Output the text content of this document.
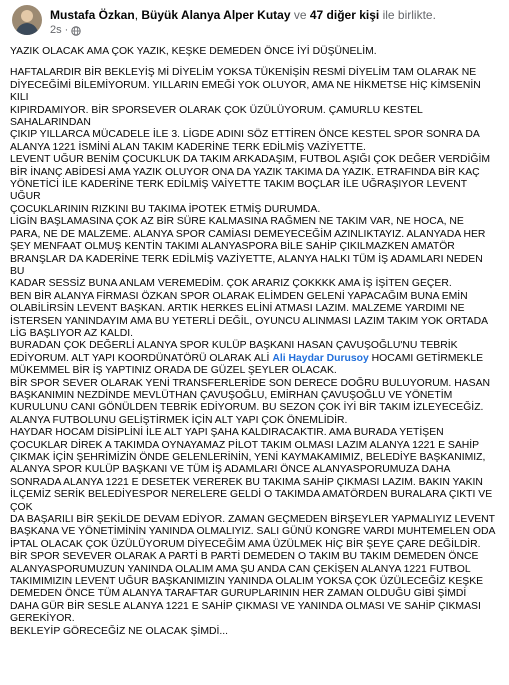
Mustafa Özkan, Büyük Alanya Alper Kutay ve 47 diğer kişi ile birlikte.
2s ·

YAZIK OLACAK AMA ÇOK YAZIK, KEŞKE DEMEDEN ÖNCE İYİ DÜŞÜNELİM.

HAFTALARDIR BİR BEKLEYİŞ Mİ DİYELİM YOKSA TÜKENİŞİN RESMİ DİYELİM TAM OLARAK NE
DİYECEĞİMİ BİLEMİYORUM. YILLARIN EMEĞİ YOK OLUYOR, AMA NE HİKMETSE HİÇ KİMSENİN KILI
KIPIRDAMIYOR. BİR SPORSEVER OLARAK ÇOK ÜZÜLÜYORUM. ÇAMURLU KESTEL SAHALARINDAN
ÇIKIP YILLARCA MÜCADELE İLE 3. LİGDE ADINI SÖZ ETTİREN ÖNCE KESTEL SPOR SONRA DA
ALANYA 1221 İSMİNİ ALAN TAKIM KADERİNE TERK EDİLMİŞ VAZİYETTE.
LEVENT UĞUR BENİM ÇOCUKLUK DA TAKIM ARKADAŞIM, FUTBOL AŞIĞI ÇOK DEĞER VERDİĞİM
BİR İNANÇ ABİDESİ AMA YAZIK OLUYOR ONA DA YAZIK TAKIMA DA YAZIK. ETRAFINDA BİR KAÇ
YÖNETİCİ İLE KADERİNE TERK EDİLMİŞ VAİYETTE TAKIM BOÇLAR İLE UĞRAŞIYOR LEVENT UĞUR
ÇOCUKLARININ RIZKINI BU TAKIMA İPOTEK ETMİŞ DURUMDA.
LİGİN BAŞLAMASINA ÇOK AZ BİR SÜRE KALMASINA RAĞMEN NE TAKIM VAR, NE HOCA, NE
PARA, NE DE MALZEME. ALANYA SPOR CAMİASI DEMEYECEĞİM AZINLIKTAYIZ. ALANYADA HER
ŞEY MENFAAT OLMUŞ KENTİN TAKIMI ALANYASPORA BİLE SAHİP ÇIKILMAZKEN AMATÖR
BRANŞLAR DA KADERİNE TERK EDİLMİŞ VAZİYETTE, ALANYA HALKI TÜM İŞ ADAMLARI NEDEN BU
KADAR SESSİZ BUNA ANLAM VEREMEDİM. ÇOK ARARIZ ÇOKKKK AMA İŞ İŞİTEN GEÇER.
BEN BİR ALANYA FİRMASI ÖZKAN SPOR OLARAK ELİMDEN GELENİ YAPACAĞIM BUNA EMİN
OLABİLİRSİN LEVENT BAŞKAN. ARTIK HERKES ELİNİ ATMASI LAZIM. MALZEME YARDIMI NE
İSTERSEN YANINDAYIM AMA BU YETERLİ DEĞİL, OYUNCU ALINMASI LAZIM TAKIM YOK ORTADA
LİG BAŞLIYOR AZ KALDI.
BURADAN ÇOK DEĞERLİ ALANYA SPOR KULÜP BAŞKANI HASAN ÇAVUŞOĞLU'NU TEBRİK
EDİYORUM. ALT YAPI KOORDÜNATÖRÜ OLARAK ALİ Ali Haydar Durusoy HOCAMI GETİRMEKLE
MÜKEMMEL BİR İŞ YAPTINIZ ORADA DE GÜZEL ŞEYLER OLACAK.
BİR SPOR SEVER OLARAK YENİ TRANSFERLERİDE SON DERECE DOĞRU BULUYORUM. HASAN
BAŞKANIMIN NEZDİNDE MEVLÜTHAN ÇAVUŞOĞLU, EMİRHAN ÇAVUŞOĞLU VE YÖNETİM
KURULUNU CANI GÖNÜLDEN TEBRİK EDİYORUM. BU SEZON ÇOK İYİ BİR TAKIM İZLEYECEĞİZ.
ALANYA FUTBOLUNU GELİŞTİRMEK İÇİN ALT YAPI ÇOK ÖNEMLİDİR.
HAYDAR HOCAM DİSİPLİNİ İLE ALT YAPI ŞAHA KALDIRACAKTIR. AMA BURADA YETİŞEN
ÇOCUKLAR DİREK A TAKIMDA OYNAYAMAZ PİLOT TAKIM OLMASI LAZIM ALANYA 1221 E SAHİP
ÇIKMAK İÇİN ŞEHRİMİZİN ÖNDE GELENLERİNİN, YENİ KAYMAKAMIMIZ, BELEDİYE BAŞKANIMIZ,
ALANYA SPOR KULÜP BAŞKANI VE TÜM İŞ ADAMLARI ÖNCE ALANYASPORUMUZA DAHA
SONRADA ALANYA 1221 E DESETEK VEREREK BU TAKIMA SAHİP ÇIKMASI LAZIM. BAKIN YAKIN
İLÇEMİZ SERİK BELEDİYESPOR NERELERE GELDİ O TAKIMDA AMATÖRDEN BURALARA ÇIKTI VE ÇOK
DA BAŞARILI BİR ŞEKİLDE DEVAM EDİYOR. ZAMAN GEÇMEDEN BİRŞEYLER YAPMALIYIZ LEVENT
BAŞKANA VE YÖNETİMİNİN YANINDA OLMALIYIZ. SALI GÜNÜ KONGRE VARDI MUHTEMELEN ODA
İPTAL OLACAK ÇOK ÜZÜLÜYORUM DİYECEĞİM AMA ÜZÜLMEK HİÇ BİR ŞEYE ÇARE DEĞİLDİR.
BİR SPOR SEVEVER OLARAK A PARTİ B PARTİ DEMEDEN O TAKIM BU TAKIM DEMEDEN ÖNCE
ALANYASPORUMUZUN YANINDA OLALIM AMA ŞU ANDA CAN ÇEKİŞEN ALANYA 1221 FUTBOL
TAKIMIMIZIN LEVENT UĞUR BAŞKANIMIZIN YANINDA OLALIM YOKSA ÇOK ÜZÜLECEĞİZ KEŞKE
DEMEDEN ÖNCE TÜM ALANYA TARAFTAR GURUPLARININ HER ZAMAN OLDUĞU GİBİ ŞİMDİ
DAHA GÜR BİR SESLE ALANYA 1221 E SAHİP ÇIKMASI VE YANINDA OLMASI VE SAHİP ÇIKMASI
GEREKİYOR.
BEKLEYİP GÖRECEĞİZ NE OLACAK ŞİMDİ...
